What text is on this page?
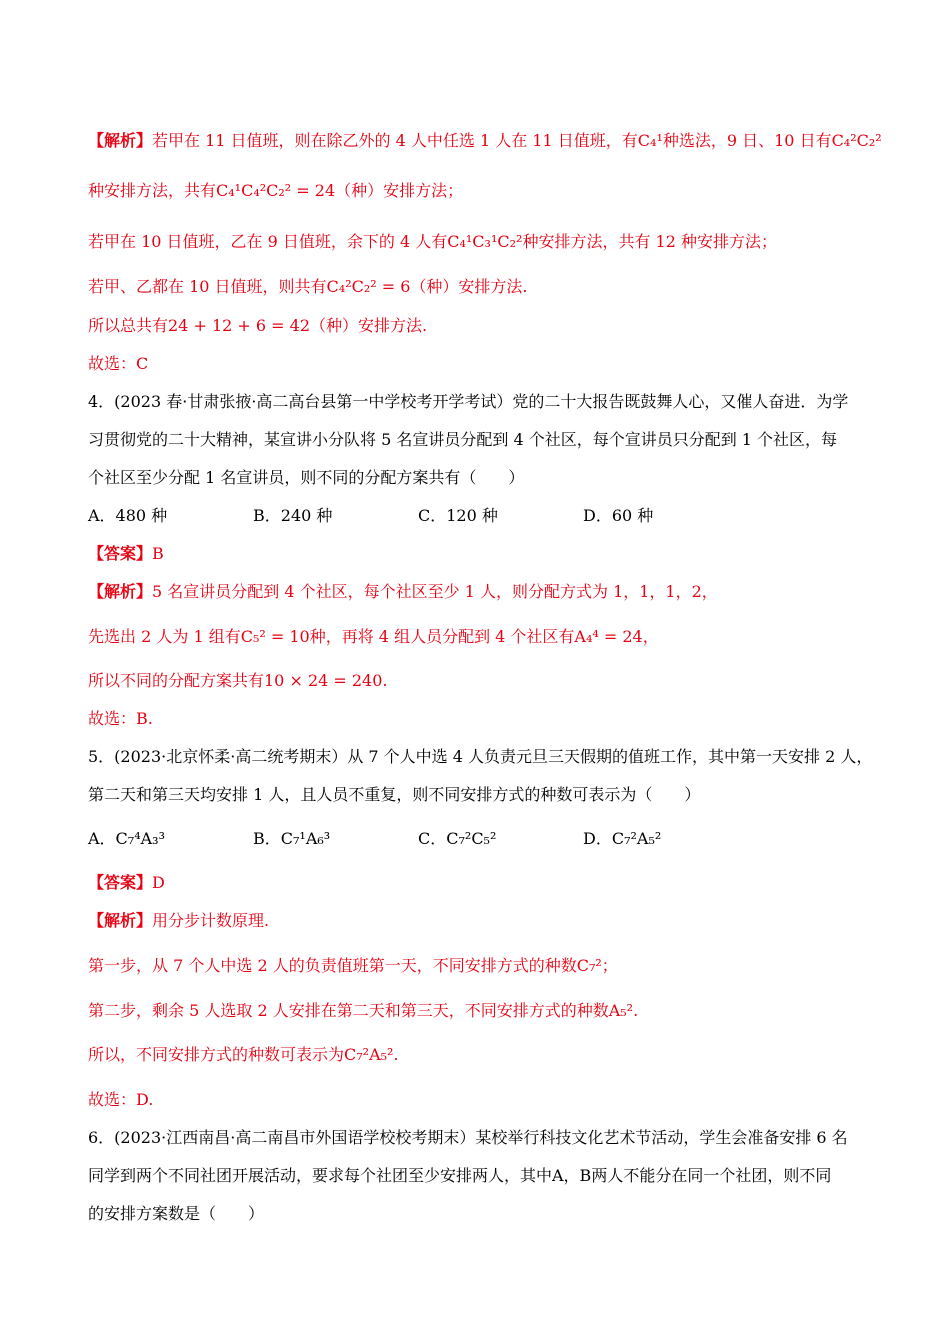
【解析】若甲在 11 日值班，则在除乙外的 4 人中任选 1 人在 11 日值班，有C₄¹种选法，9 日、10 日有C₄²C₂²
种安排方法，共有C₄¹C₄²C₂² = 24（种）安排方法；
若甲在 10 日值班，乙在 9 日值班，余下的 4 人有C₄¹C₃¹C₂²种安排方法，共有 12 种安排方法；
若甲、乙都在 10 日值班，则共有C₄²C₂² = 6（种）安排方法.
所以总共有24 + 12 + 6 = 42（种）安排方法.
故选：C
4．(2023 春·甘肃张掖·高二高台县第一中学校考开学考试）党的二十大报告既鼓舞人心，又催人奋进．为学
习贯彻党的二十大精神，某宣讲小分队将 5 名宣讲员分配到 4 个社区，每个宣讲员只分配到 1 个社区，每
个社区至少分配 1 名宣讲员，则不同的分配方案共有（　　）
A．480 种	B．240 种	C．120 种	D．60 种
【答案】B
【解析】5 名宣讲员分配到 4 个社区，每个社区至少 1 人，则分配方式为 1，1，1，2，
先选出 2 人为 1 组有C₅² = 10种，再将 4 组人员分配到 4 个社区有A₄⁴ = 24，
所以不同的分配方案共有10 × 24 = 240.
故选：B.
5．(2023·北京怀柔·高二统考期末）从 7 个人中选 4 人负责元旦三天假期的值班工作，其中第一天安排 2 人，
第二天和第三天均安排 1 人，且人员不重复，则不同安排方式的种数可表示为（　　）
A．C₇⁴A₃³	B．C₇¹A₆³	C．C₇²C₅²	D．C₇²A₅²
【答案】D
【解析】用分步计数原理.
第一步，从 7 个人中选 2 人的负责值班第一天，不同安排方式的种数C₇²；
第二步，剩余 5 人选取 2 人安排在第二天和第三天，不同安排方式的种数A₅².
所以，不同安排方式的种数可表示为C₇²A₅².
故选：D.
6．(2023·江西南昌·高二南昌市外国语学校校考期末）某校举行科技文化艺术节活动，学生会准备安排 6 名
同学到两个不同社团开展活动，要求每个社团至少安排两人，其中A，B两人不能分在同一个社团，则不同
的安排方案数是（　　）
